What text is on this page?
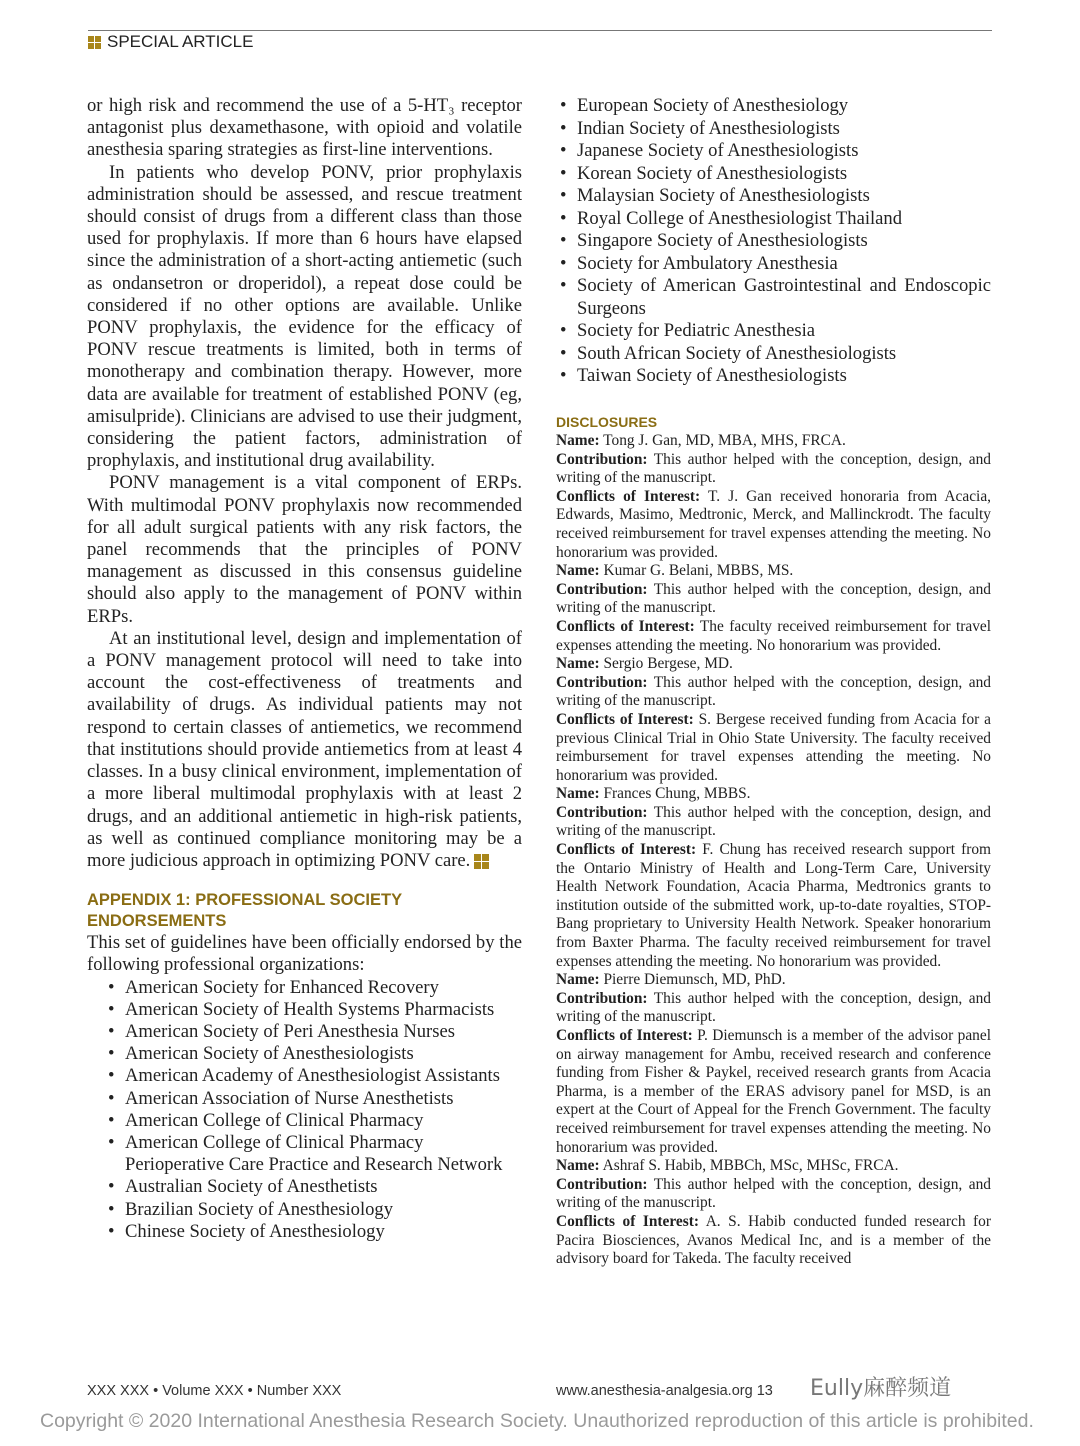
SPECIAL ARTICLE

or high risk and recommend the use of a 5-HT₃ receptor antagonist plus dexamethasone, with opioid and volatile anesthesia sparing strategies as first-line interventions.

In patients who develop PONV, prior prophylaxis administration should be assessed, and rescue treatment should consist of drugs from a different class than those used for prophylaxis. If more than 6 hours have elapsed since the administration of a short-acting antiemetic (such as ondansetron or droperidol), a repeat dose could be considered if no other options are available. Unlike PONV prophylaxis, the evidence for the efficacy of PONV rescue treatments is limited, both in terms of monotherapy and combination therapy. However, more data are available for treatment of established PONV (eg, amisulpride). Clinicians are advised to use their judgment, considering the patient factors, administration of prophylaxis, and institutional drug availability.

PONV management is a vital component of ERPs. With multimodal PONV prophylaxis now recommended for all adult surgical patients with any risk factors, the panel recommends that the principles of PONV management as discussed in this consensus guideline should also apply to the management of PONV within ERPs.

At an institutional level, design and implementation of a PONV management protocol will need to take into account the cost-effectiveness of treatments and availability of drugs. As individual patients may not respond to certain classes of antiemetics, we recommend that institutions should provide antiemetics from at least 4 classes. In a busy clinical environment, implementation of a more liberal multimodal prophylaxis with at least 2 drugs, and an additional antiemetic in high-risk patients, as well as continued compliance monitoring may be a more judicious approach in optimizing PONV care.

APPENDIX 1: PROFESSIONAL SOCIETY ENDORSEMENTS

This set of guidelines have been officially endorsed by the following professional organizations:

• American Society for Enhanced Recovery
• American Society of Health Systems Pharmacists
• American Society of Peri Anesthesia Nurses
• American Society of Anesthesiologists
• American Academy of Anesthesiologist Assistants
• American Association of Nurse Anesthetists
• American College of Clinical Pharmacy
• American College of Clinical Pharmacy Perioperative Care Practice and Research Network
• Australian Society of Anesthetists
• Brazilian Society of Anesthesiology
• Chinese Society of Anesthesiology
• European Society of Anesthesiology
• Indian Society of Anesthesiologists
• Japanese Society of Anesthesiologists
• Korean Society of Anesthesiologists
• Malaysian Society of Anesthesiologists
• Royal College of Anesthesiologist Thailand
• Singapore Society of Anesthesiologists
• Society for Ambulatory Anesthesia
• Society of American Gastrointestinal and Endoscopic Surgeons
• Society for Pediatric Anesthesia
• South African Society of Anesthesiologists
• Taiwan Society of Anesthesiologists
DISCLOSURES

Name: Tong J. Gan, MD, MBA, MHS, FRCA.

Contribution: This author helped with the conception, design, and writing of the manuscript.

Conflicts of Interest: T. J. Gan received honoraria from Acacia, Edwards, Masimo, Medtronic, Merck, and Mallinckrodt. The faculty received reimbursement for travel expenses attending the meeting. No honorarium was provided.

Name: Kumar G. Belani, MBBS, MS.

Contribution: This author helped with the conception, design, and writing of the manuscript.

Conflicts of Interest: The faculty received reimbursement for travel expenses attending the meeting. No honorarium was provided.

Name: Sergio Bergese, MD.

Contribution: This author helped with the conception, design, and writing of the manuscript.

Conflicts of Interest: S. Bergese received funding from Acacia for a previous Clinical Trial in Ohio State University. The faculty received reimbursement for travel expenses attending the meeting. No honorarium was provided.

Name: Frances Chung, MBBS.

Contribution: This author helped with the conception, design, and writing of the manuscript.

Conflicts of Interest: F. Chung has received research support from the Ontario Ministry of Health and Long-Term Care, University Health Network Foundation, Acacia Pharma, Medtronics grants to institution outside of the submitted work, up-to-date royalties, STOP-Bang proprietary to University Health Network. Speaker honorarium from Baxter Pharma. The faculty received reimbursement for travel expenses attending the meeting. No honorarium was provided.

Name: Pierre Diemunsch, MD, PhD.

Contribution: This author helped with the conception, design, and writing of the manuscript.

Conflicts of Interest: P. Diemunsch is a member of the advisor panel on airway management for Ambu, received research and conference funding from Fisher & Paykel, received research grants from Acacia Pharma, is a member of the ERAS advisory panel for MSD, is an expert at the Court of Appeal for the French Government. The faculty received reimbursement for travel expenses attending the meeting. No honorarium was provided.

Name: Ashraf S. Habib, MBBCh, MSc, MHSc, FRCA.

Contribution: This author helped with the conception, design, and writing of the manuscript.

Conflicts of Interest: A. S. Habib conducted funded research for Pacira Biosciences, Avanos Medical Inc, and is a member of the advisory board for Takeda. The faculty received

XXX XXX • Volume XXX • Number XXX	www.anesthesia-analgesia.org 13 Eully麻醉频道
Copyright © 2020 International Anesthesia Research Society. Unauthorized reproduction of this article is prohibited.
